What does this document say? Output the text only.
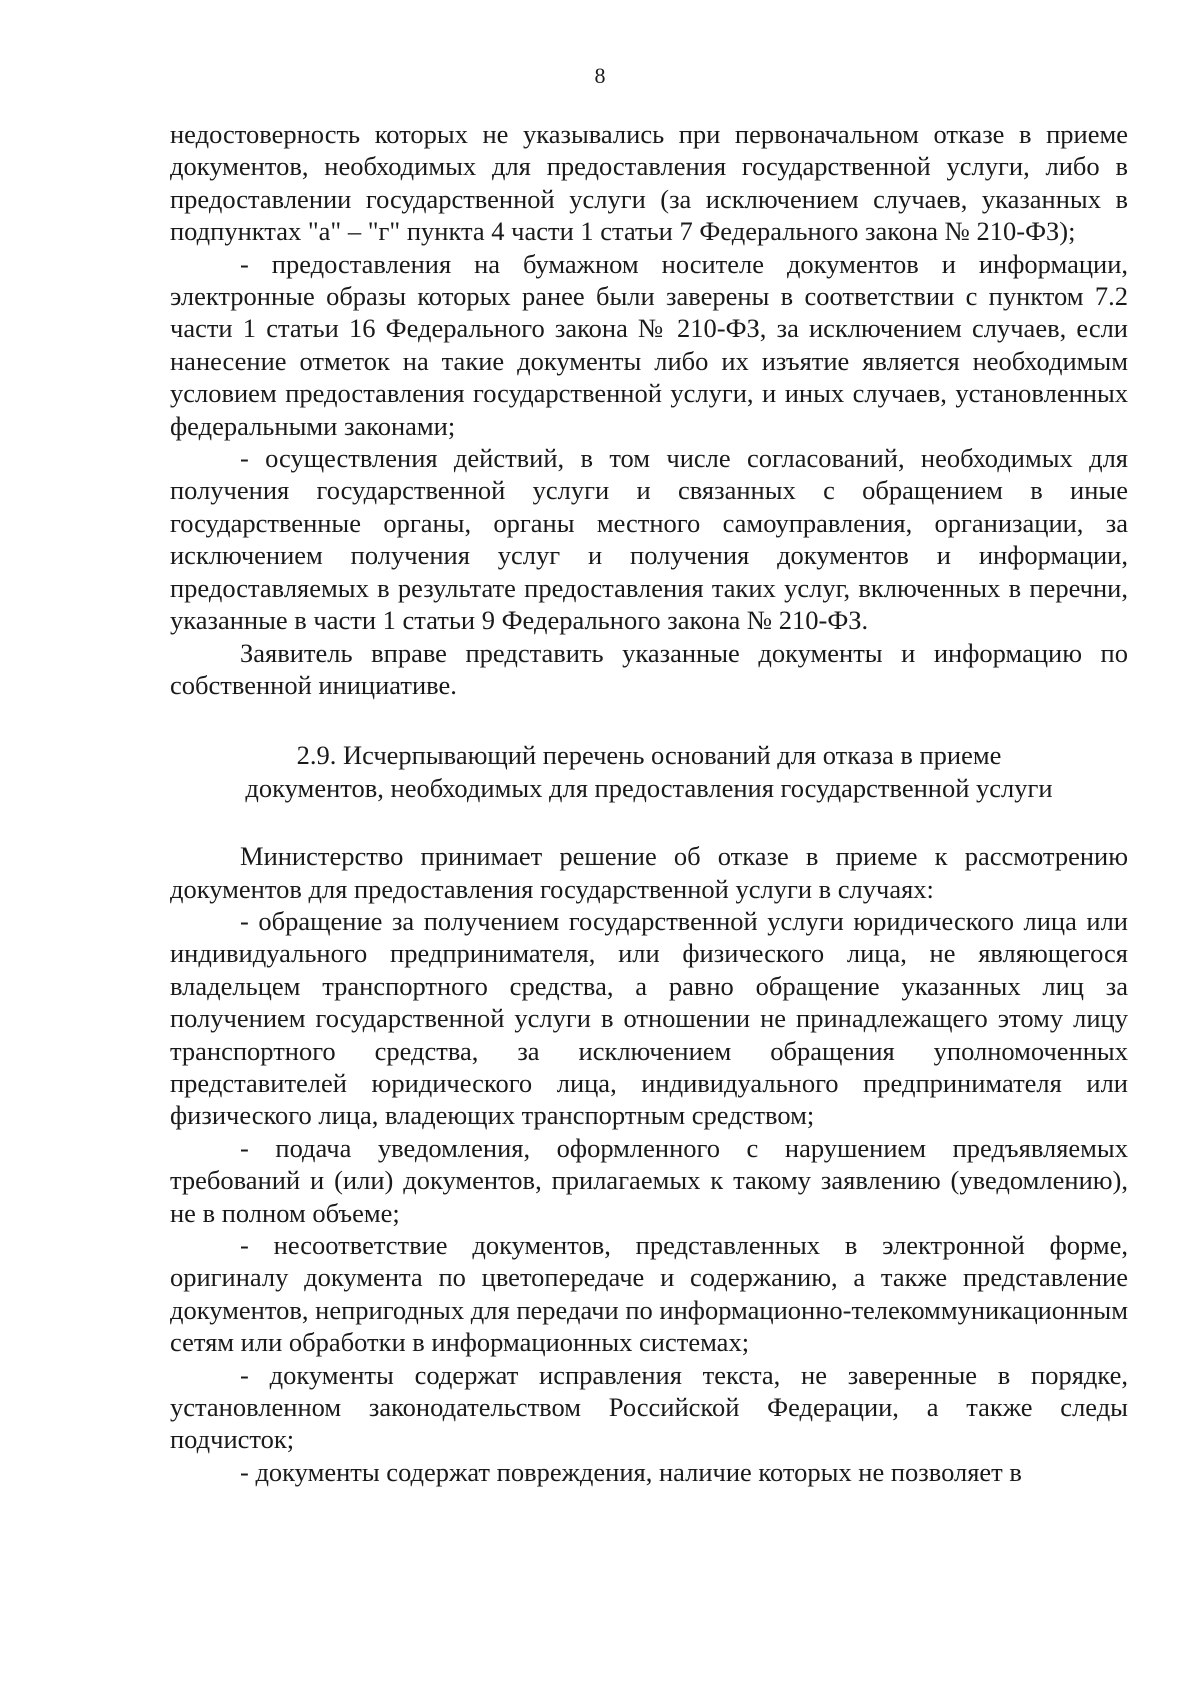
8

недостоверность которых не указывались при первоначальном отказе в приеме документов, необходимых для предоставления государственной услуги, либо в предоставлении государственной услуги (за исключением случаев, указанных в подпунктах "а" – "г" пункта 4 части 1 статьи 7 Федерального закона № 210-ФЗ);

- предоставления на бумажном носителе документов и информации, электронные образы которых ранее были заверены в соответствии с пунктом 7.2 части 1 статьи 16 Федерального закона № 210-ФЗ, за исключением случаев, если нанесение отметок на такие документы либо их изъятие является необходимым условием предоставления государственной услуги, и иных случаев, установленных федеральными законами;

- осуществления действий, в том числе согласований, необходимых для получения государственной услуги и связанных с обращением в иные государственные органы, органы местного самоуправления, организации, за исключением получения услуг и получения документов и информации, предоставляемых в результате предоставления таких услуг, включенных в перечни, указанные в части 1 статьи 9 Федерального закона № 210-ФЗ.

Заявитель вправе представить указанные документы и информацию по собственной инициативе.

2.9. Исчерпывающий перечень оснований для отказа в приеме
документов, необходимых для предоставления государственной услуги

Министерство принимает решение об отказе в приеме к рассмотрению документов для предоставления государственной услуги в случаях:

- обращение за получением государственной услуги юридического лица или индивидуального предпринимателя, или физического лица, не являющегося владельцем транспортного средства, а равно обращение указанных лиц за получением государственной услуги в отношении не принадлежащего этому лицу транспортного средства, за исключением обращения уполномоченных представителей юридического лица, индивидуального предпринимателя или физического лица, владеющих транспортным средством;

- подача уведомления, оформленного с нарушением предъявляемых требований и (или) документов, прилагаемых к такому заявлению (уведомлению), не в полном объеме;

- несоответствие документов, представленных в электронной форме, оригиналу документа по цветопередаче и содержанию, а также представление документов, непригодных для передачи по информационно-телекоммуникационным сетям или обработки в информационных системах;

- документы содержат исправления текста, не заверенные в порядке, установленном законодательством Российской Федерации, а также следы подчисток;

- документы содержат повреждения, наличие которых не позволяет в
